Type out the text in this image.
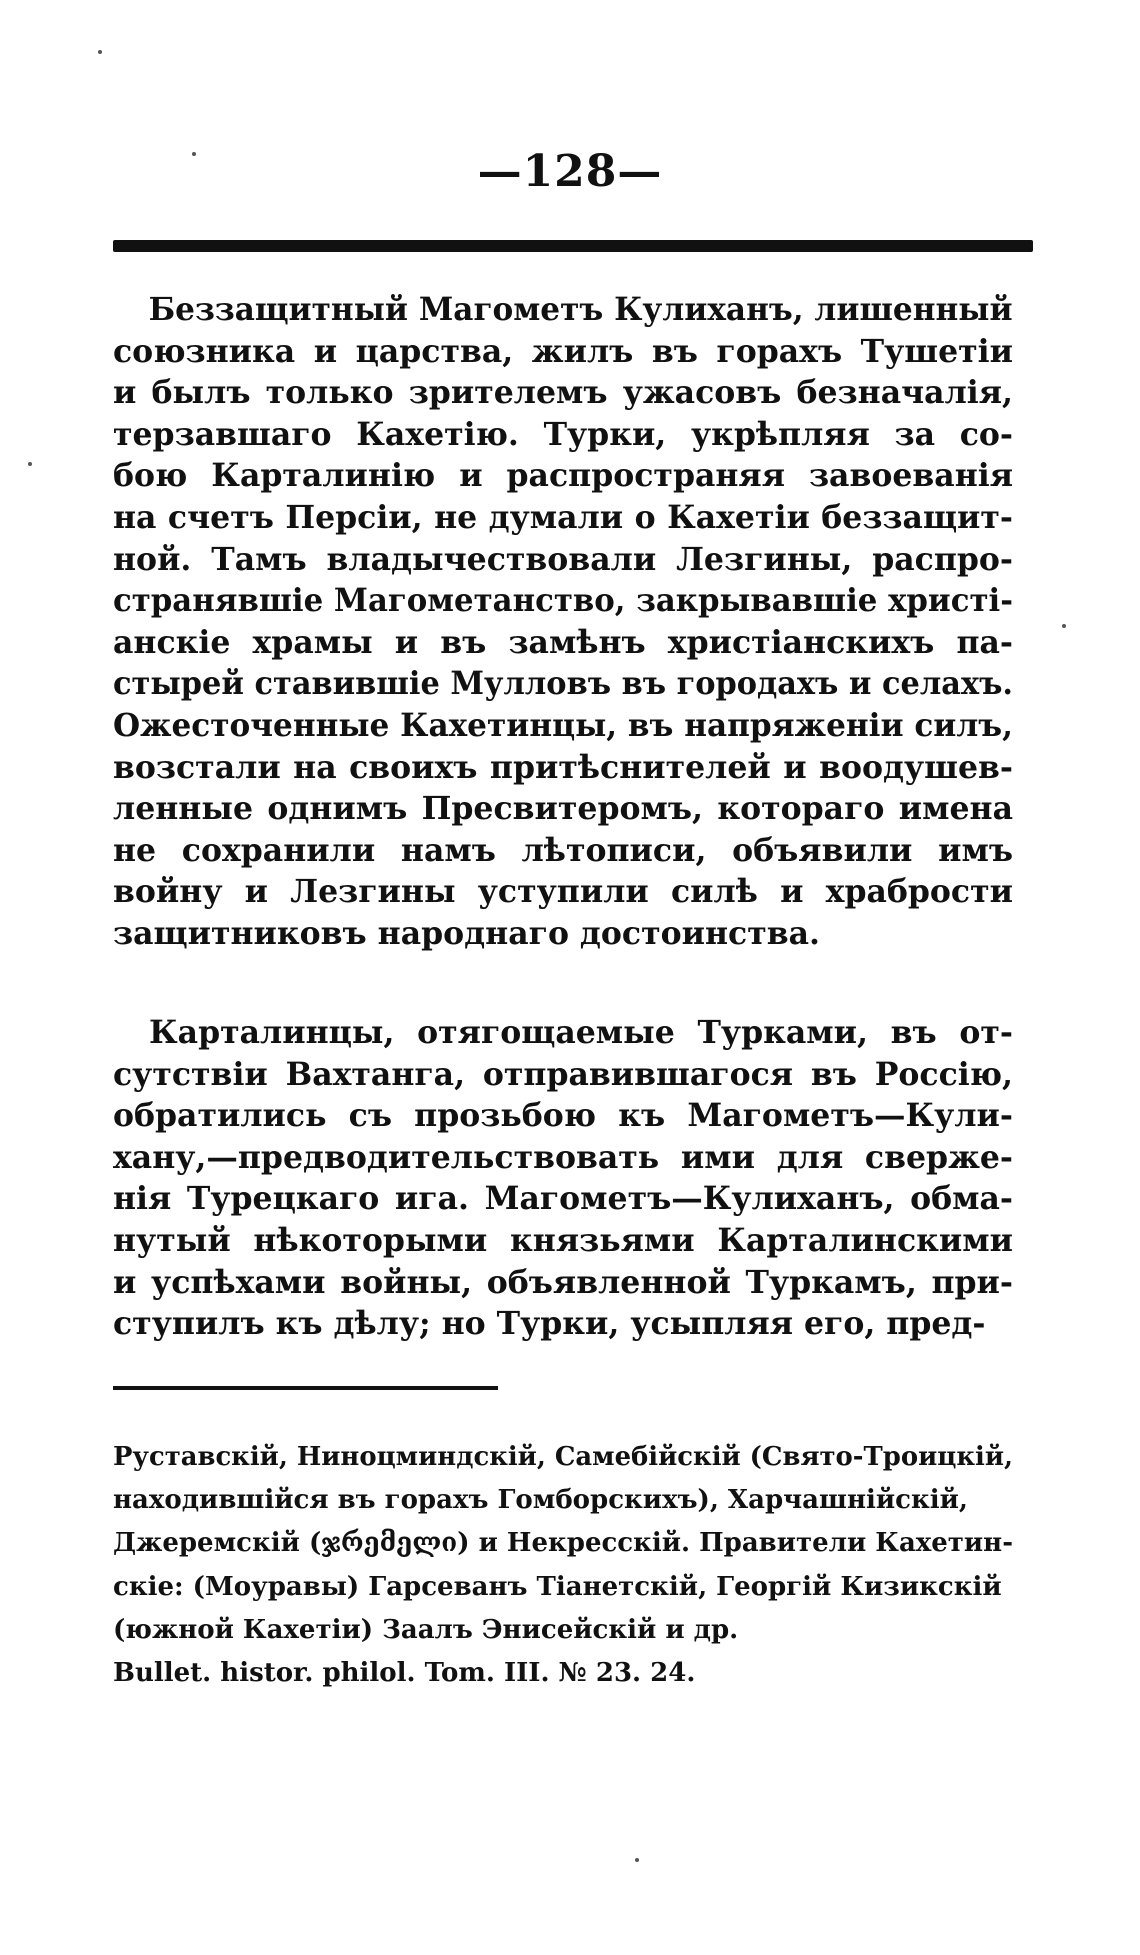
—128—
Беззащитный Магометъ Кулиханъ, лишенный
союзника и царства, жилъ въ горахъ Тушетіи
и былъ только зрителемъ ужасовъ безначалія,
терзавшаго Кахетію. Турки, укрѣпляя за со-
бою Карталинію и распространяя завоеванія
на счетъ Персіи, не думали о Кахетіи беззащит-
ной. Тамъ владычествовали Лезгины, распро-
странявшіе Магометанство, закрывавшіе христі-
анскіе храмы и въ замѣнъ христіанскихъ па-
стырей ставившіе Мулловъ въ городахъ и селахъ.
Ожесточенные Кахетинцы, въ напряженіи силъ,
возстали на своихъ притѣснителей и воодушев-
ленные однимъ Пресвитеромъ, котораго имена
не сохранили намъ лѣтописи, объявили имъ
войну и Лезгины уступили силѣ и храбрости
защитниковъ народнаго достоинства.
Карталинцы, отягощаемые Турками, въ от-
сутствіи Вахтанга, отправившагося въ Россію,
обратились съ прозьбою къ Магометъ—Кули-
хану,—предводительствовать ими для сверже-
нія Турецкаго ига. Магометъ—Кулиханъ, обма-
нутый нѣкоторыми князьями Карталинскими
и успѣхами войны, объявленной Туркамъ, при-
ступилъ къ дѣлу; но Турки, усыпляя его, пред-
Руставскій, Ниноцминдскій, Самебійскій (Свято-Троицкій,
находившійся въ горахъ Гомборскихъ), Харчашнійскій,
Джеремскій (ჯრემელი) и Некресскій. Правители Кахетин-
скіе: (Моуравы) Гарсеванъ Тіанетскій, Георгій Кизикскій
(южной Кахетіи) Заалъ Энисейскій и др.
Bullet. histor. philol. Tom. III. № 23. 24.
